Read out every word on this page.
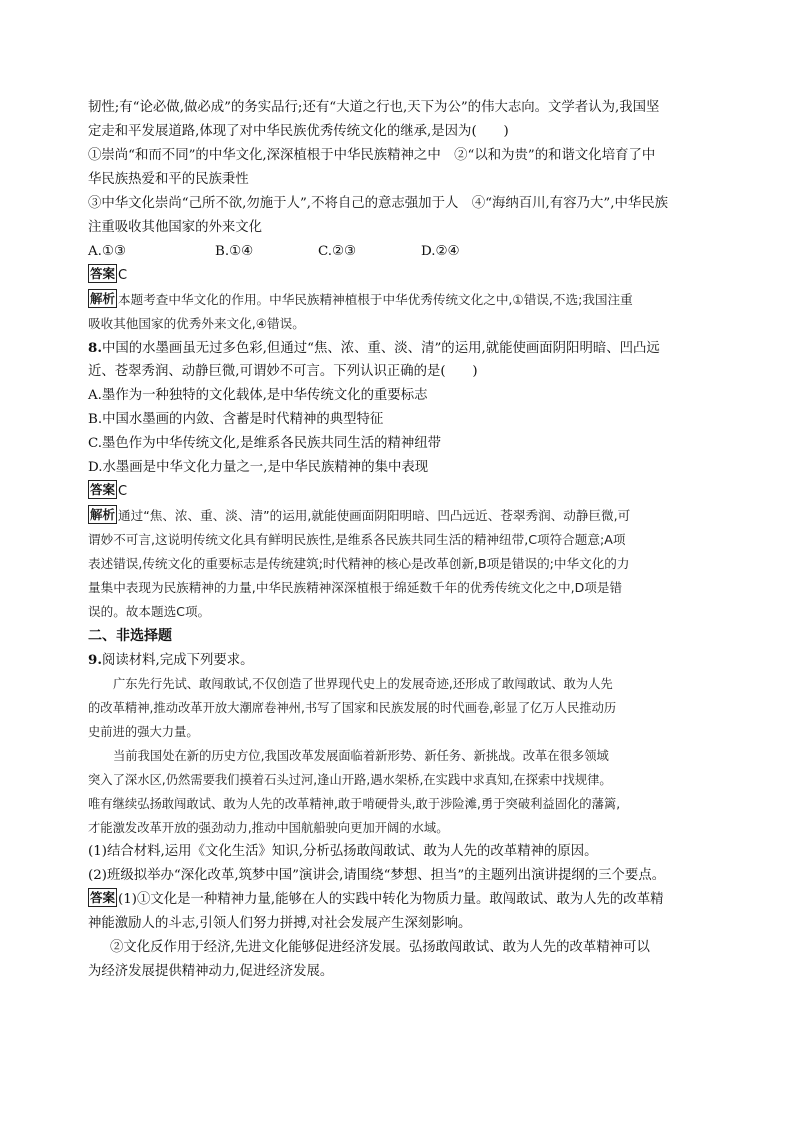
韧性;有“论必做,做必成”的务实品行;还有“大道之行也,天下为公”的伟大志向。文学者认为,我国坚
定走和平发展道路,体现了对中华民族优秀传统文化的继承,是因为(　　)
①崇尚“和而不同”的中华文化,深深植根于中华民族精神之中　②“以和为贵”的和谐文化培育了中
华民族热爱和平的民族秉性
③中华文化崇尚“己所不欲,勿施于人”,不将自己的意志强加于人　④“海纳百川,有容乃大”,中华民族
注重吸收其他国家的外来文化
A.①③	B.①④	C.②③	D.②④
答案 C
解析 本题考查中华文化的作用。中华民族精神植根于中华优秀传统文化之中,①错误,不选;我国注重
吸收其他国家的优秀外来文化,④错误。
8.中国的水墨画虽无过多色彩,但通过“焦、浓、重、淡、清”的运用,就能使画面阴阳明暗、凹凸远
近、苍翠秀润、动静巨微,可谓妙不可言。下列认识正确的是(　　)
A.墨作为一种独特的文化载体,是中华传统文化的重要标志
B.中国水墨画的内敛、含蓄是时代精神的典型特征
C.墨色作为中华传统文化,是维系各民族共同生活的精神纽带
D.水墨画是中华文化力量之一,是中华民族精神的集中表现
答案 C
解析 通过“焦、浓、重、淡、清”的运用,就能使画面阴阳明暗、凹凸远近、苍翠秀润、动静巨微,可
谓妙不可言,这说明传统文化具有鲜明民族性,是维系各民族共同生活的精神纽带,C项符合题意;A项
表述错误,传统文化的重要标志是传统建筑;时代精神的核心是改革创新,B项是错误的;中华文化的力
量集中表现为民族精神的力量,中华民族精神深深植根于绵延数千年的优秀传统文化之中,D项是错
误的。故本题选C项。
二、非选择题
9.阅读材料,完成下列要求。
广东先行先试、敢闯敢试,不仅创造了世界现代史上的发展奇迹,还形成了敢闯敢试、敢为人先
的改革精神,推动改革开放大潮席卷神州,书写了国家和民族发展的时代画卷,彰显了亿万人民推动历
史前进的强大力量。
当前我国处在新的历史方位,我国改革发展面临着新形势、新任务、新挑战。改革在很多领域
突入了深水区,仍然需要我们摸着石头过河,逢山开路,遇水架桥,在实践中求真知,在探索中找规律。
唯有继续弘扬敢闯敢试、敢为人先的改革精神,敢于啃硬骨头,敢于涉险滩,勇于突破利益固化的藩篱,
才能激发改革开放的强劲动力,推动中国航船驶向更加开阔的水域。
(1)结合材料,运用《文化生活》知识,分析弘扬敢闯敢试、敢为人先的改革精神的原因。
(2)班级拟举办“深化改革,筑梦中国”演讲会,请围绕“梦想、担当”的主题列出演讲提纲的三个要点。
答案 (1)①文化是一种精神力量,能够在人的实践中转化为物质力量。敢闯敢试、敢为人先的改革精
神能激励人的斗志,引领人们努力拼搏,对社会发展产生深刻影响。
②文化反作用于经济,先进文化能够促进经济发展。弘扬敢闯敢试、敢为人先的改革精神可以
为经济发展提供精神动力,促进经济发展。
